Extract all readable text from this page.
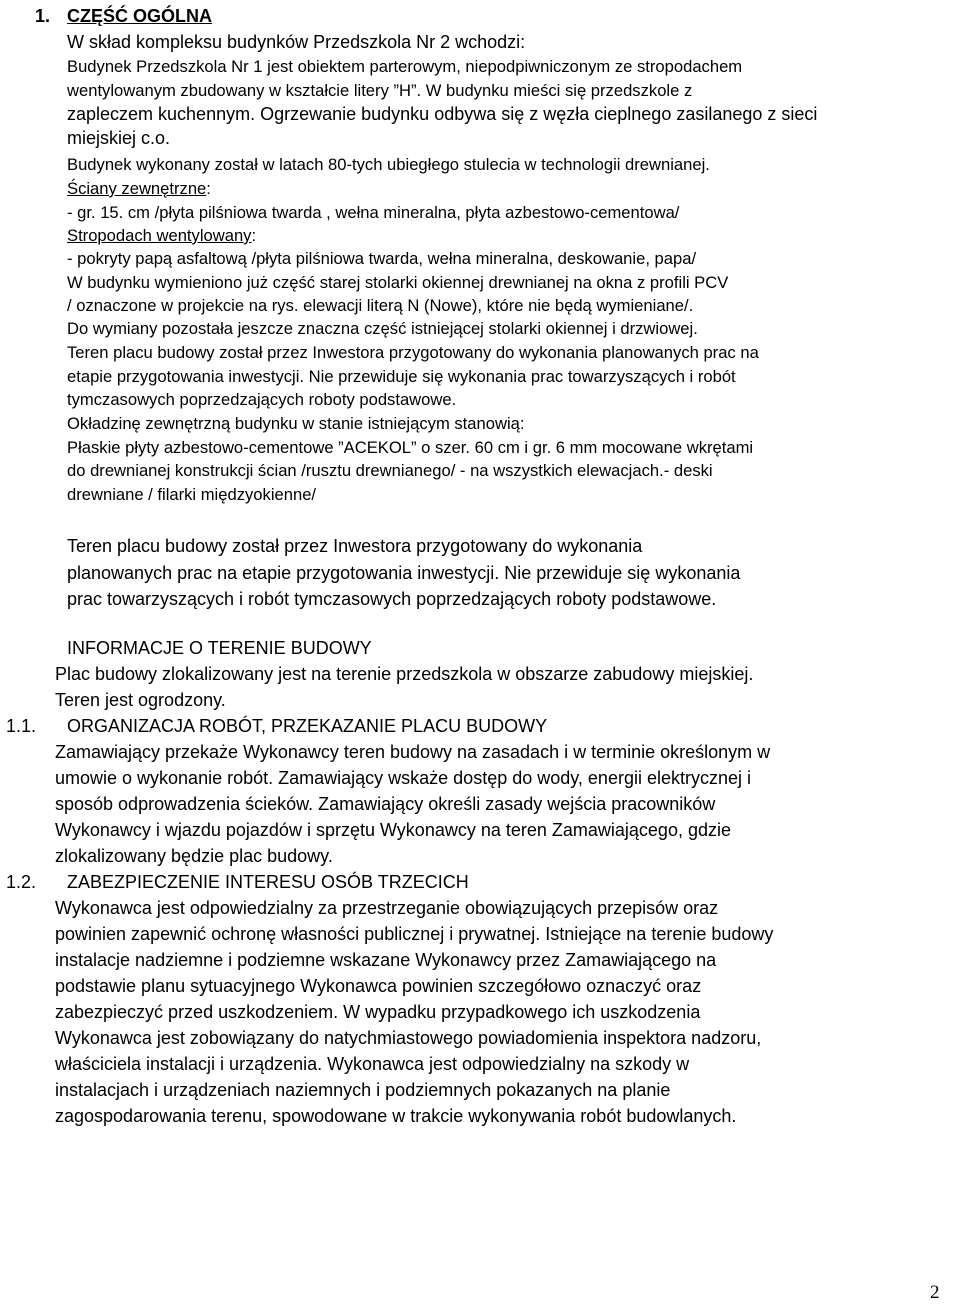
1. CZĘŚĆ OGÓLNA
W skład kompleksu budynków Przedszkola Nr 2 wchodzi:
Budynek Przedszkola Nr 1 jest obiektem parterowym, niepodpiwniczonym ze stropodachem
wentylowanym zbudowany w kształcie litery ”H”. W budynku mieści się przedszkole z
zapleczem kuchennym. Ogrzewanie budynku odbywa się z węzła cieplnego zasilanego z sieci
miejskiej c.o.
Budynek wykonany został w latach 80-tych ubiegłego stulecia w technologii drewnianej.
Ściany zewnętrzne:
- gr. 15. cm /płyta pilśniowa twarda , wełna mineralna, płyta azbestowo-cementowa/
Stropodach wentylowany:
- pokryty papą asfaltową /płyta pilśniowa twarda, wełna mineralna, deskowanie, papa/
W budynku wymieniono już część starej stolarki okiennej drewnianej na okna z profili PCV
/ oznaczone w projekcie na rys. elewacji literą N (Nowe), które nie będą wymieniane/.
Do wymiany pozostała jeszcze znaczna część istniejącej stolarki okiennej i drzwiowej.
Teren placu budowy został przez Inwestora przygotowany do wykonania planowanych prac na
etapie przygotowania inwestycji. Nie przewiduje się wykonania prac towarzyszących i robót
tymczasowych poprzedzających roboty podstawowe.
Okładzinę zewnętrzną budynku w stanie istniejącym stanowią:
Płaskie płyty azbestowo-cementowe ”ACEKOL” o szer. 60 cm i gr. 6 mm mocowane wkrętami
do drewnianej konstrukcji ścian /rusztu drewnianego/ - na wszystkich elewacjach.- deski
drewniane / filarki międzyokienne/
Teren placu budowy został przez Inwestora przygotowany do wykonania
planowanych prac na etapie przygotowania inwestycji. Nie przewiduje się wykonania
prac towarzyszących i robót tymczasowych poprzedzających roboty podstawowe.
INFORMACJE O TERENIE BUDOWY
Plac budowy zlokalizowany jest na terenie przedszkola w obszarze zabudowy miejskiej.
Teren jest ogrodzony.
1.1. ORGANIZACJA ROBÓT, PRZEKAZANIE PLACU BUDOWY
Zamawiający przekaże Wykonawcy teren budowy na zasadach i w terminie określonym w
umowie o wykonanie robót. Zamawiający wskaże dostęp do wody, energii elektrycznej i
sposób odprowadzenia ścieków. Zamawiający określi zasady wejścia pracowników
Wykonawcy i wjazdu pojazdów i sprzętu Wykonawcy na teren Zamawiającego, gdzie
zlokalizowany będzie plac budowy.
1.2. ZABEZPIECZENIE INTERESU OSÓB TRZECICH
Wykonawca jest odpowiedzialny za przestrzeganie obowiązujących przepisów oraz
powinien zapewnić ochronę własności publicznej i prywatnej. Istniejące na terenie budowy
instalacje nadziemne i podziemne wskazane Wykonawcy przez Zamawiającego na
podstawie planu sytuacyjnego Wykonawca powinien szczegółowo oznaczyć oraz
zabezpieczyć przed uszkodzeniem. W wypadku przypadkowego ich uszkodzenia
Wykonawca jest zobowiązany do natychmiastowego powiadomienia inspektora nadzoru,
właściciela instalacji i urządzenia. Wykonawca jest odpowiedzialny na szkody w
instalacjach i urządzeniach naziemnych i podziemnych pokazanych na planie
zagospodarowania terenu, spowodowane w trakcie wykonywania robót budowlanych.
2
